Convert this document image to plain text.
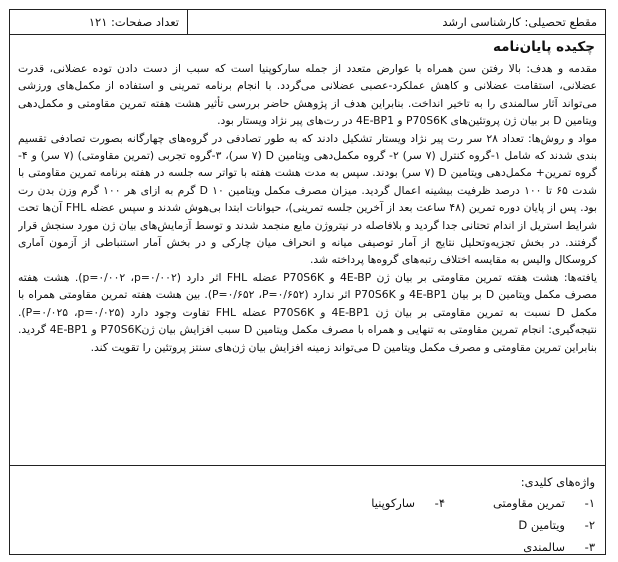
مقطع تحصیلی: کارشناسی ارشد
تعداد صفحات: ۱۲۱
چکیده پایان‌نامه

مقدمه و هدف: بالا رفتن سن همراه با عوارض متعدد از جمله سارکوپنیا است که سبب از دست دادن توده عضلانی، قدرت عضلانی، استقامت عضلانی و کاهش عملکرد-عصبی عضلانی می‌گردد. با انجام برنامه تمرینی و استفاده از مکمل‌های ورزشی می‌تواند آثار سالمندی را به تاخیر انداخت. بنابراین هدف از پژوهش حاضر بررسی تأثیر هشت هفته تمرین مقاومتی و مکمل‌دهی ویتامین D بر بیان ژن پروتئین‌های P70S6K و 4E-BP1 در رت‌های پیر نژاد ویستار بود.

مواد و روش‌ها: تعداد ۲۸ سر رت پیر نژاد ویستار تشکیل دادند که به طور تصادفی در گروه‌های چهارگانه بصورت تصادفی تقسیم بندی شدند که شامل ۱-گروه کنترل (۷ سر) ۲- گروه مکمل‌دهی ویتامین D (۷ سر)، ۳-گروه تجربی (تمرین مقاومتی) (۷ سر) و ۴- گروه تمرین+ مکمل‌دهی ویتامین D (۷ سر) بودند. سپس به مدت هشت هفته با تواتر سه جلسه در هفته برنامه تمرین مقاومتی با شدت ۶۵ تا ۱۰۰ درصد ظرفیت بیشینه اعمال گردید. میزان مصرف مکمل ویتامین D ۱۰ گرم به ازای هر ۱۰۰ گرم وزن بدن رت بود. پس از پایان دوره تمرین (۴۸ ساعت بعد از آخرین جلسه تمرینی)، حیوانات ابتدا بی‌هوش شدند و سپس عضله FHL آن‌ها تحت شرایط استریل از اندام تحتانی جدا گردید و بلافاصله در نیتروژن مایع منجمد شدند و توسط آزمایش‌های بیان ژن مورد سنجش قرار گرفتند. در بخش تجزیه‌وتحلیل نتایج از آمار توصیفی میانه و انحراف میان چارکی و در بخش آمار استنباطی از آزمون آماری کروسکال والیس به مقایسه اختلاف رتبه‌های گروه‌ها پرداخته شد.

یافته‌ها: هشت هفته تمرین مقاومتی بر بیان ژن 4E-BP و P70S6K عضله FHL اثر دارد (p=۰/۰۰۲ ،p=۰/۰۰۲). هشت هفته مصرف مکمل ویتامین D بر بیان 4E-BP1 و P70S6K اثر ندارد (P=۰/۶۵۲ ،P=۰/۶۵۲). بین هشت هفته تمرین مقاومتی همراه با مکمل D نسبت به تمرین مقاومتی بر بیان ژن 4E-BP1 و P70S6K عضله FHL تفاوت وجود دارد (P=۰/۰۲۵ ،p=۰/۰۲۵). نتیجه‌گیری: انجام تمرین مقاومتی به تنهایی و همراه با مصرف مکمل ویتامین D سبب افزایش بیان ژنP70S6K و 4E-BP1 گردید. بنابراین تمرین مقاومتی و مصرف مکمل ویتامین D می‌تواند زمینه افزایش بیان ژن‌های سنتز پروتئین را تقویت کند.

واژه‌های کلیدی:
۱-تمرین مقاومتی
۲-ویتامین D
۳-سالمندی
۴-سارکوپنیا
